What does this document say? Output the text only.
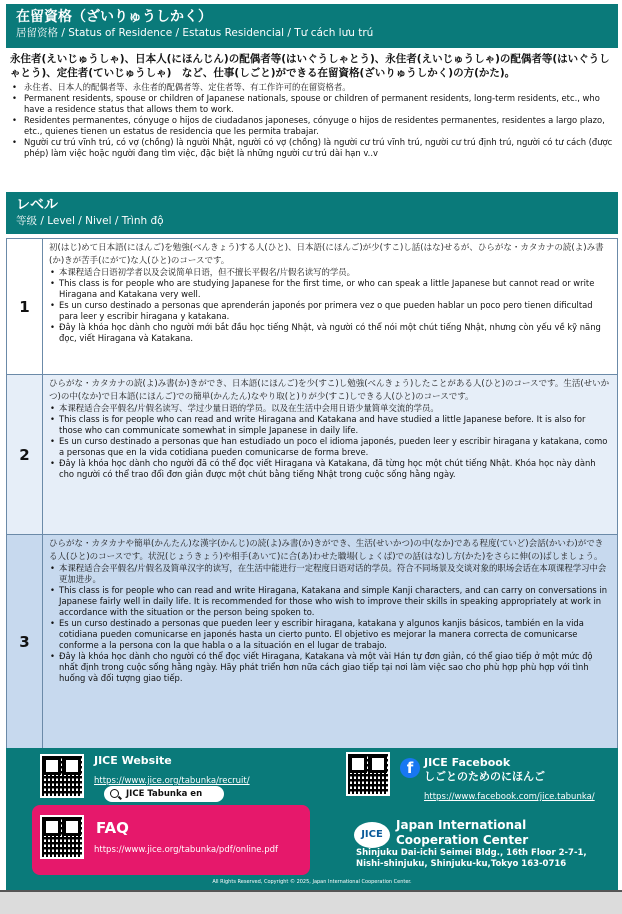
在留資格（ざいりゅうしかく）
居留资格 / Status of Residence / Estatus Residencial / Tư cách lưu trú
永住者(えいじゅうしゃ)、日本人(にほんじん)の配偶者等(はいぐうしゃとう)、永住者(えいじゅうしゃ)の配偶者等(はいぐうしゃとう)、定住者(ていじゅうしゃ)　など、仕事(しごと)ができる在留資格(ざいりゅうしかく)の方(かた)。
• 永住者、日本人的配偶者等、永住者的配偶者等、定住者等、有工作许可的在留资格者。
• Permanent residents, spouse or children of Japanese nationals, spouse or children of permanent residents, long-term residents, etc., who have a residence status that allows them to work.
• Residentes permanentes, cónyuge o hijos de ciudadanos japoneses, cónyuge o hijos de residentes permanentes, residentes a largo plazo, etc., quienes tienen un estatus de residencia que les permita trabajar.
• Người cư trú vĩnh trú, có vợ (chồng) là người Nhật, người có vợ (chồng) là người cư trú vĩnh trú, người cư trú định trú, người có tư cách (được phép) làm việc hoặc người đang tìm việc, đặc biệt là những người cư trú dài hạn v..v
レベル
等级 / Level / Nivel / Trình độ
1
初(はじ)めて日本語(にほんご)を勉強(べんきょう)する人(ひと)、日本語(にほんご)が少(すこ)し話(はな)せるが、ひらがな・カタカナの読(よ)み書(か)きが苦手(にがて)な人(ひと)のコースです。
• 本课程适合日语初学者以及会说简单日语，但不擅长平假名/片假名读写的学员。
• This class is for people who are studying Japanese for the first time, or who can speak a little Japanese but cannot read or write Hiragana and Katakana very well.
• Es un curso destinado a personas que aprenderán japonés por primera vez o que pueden hablar un poco pero tienen dificultad para leer y escribir hiragana y katakana.
• Đây là khóa học dành cho người mới bắt đầu học tiếng Nhật, và người có thể nói một chút tiếng Nhật, nhưng còn yếu về kỹ năng đọc, viết Hiragana và Katakana.
2
ひらがな・カタカナの読(よ)み書(か)きができ、日本語(にほんご)を少(すこ)し勉強(べんきょう)したことがある人(ひと)のコースです。生活(せいかつ)の中(なか)で日本語(にほんご)での簡単(かんたん)なやり取(と)りが少(すこ)しできる人(ひと)のコースです。
• 本课程适合会平假名/片假名读写、学过少量日语的学员。以及在生活中会用日语少量简单交流的学员。
• This class is for people who can read and write Hiragana and Katakana and have studied a little Japanese before. It is also for those who can communicate somewhat in simple Japanese in daily life.
• Es un curso destinado a personas que han estudiado un poco el idioma japonés, pueden leer y escribir hiragana y katakana, como a personas que en la vida cotidiana pueden comunicarse de forma breve.
• Đây là khóa học dành cho người đã có thể đọc viết Hiragana và Katakana, đã từng học một chút tiếng Nhật. Khóa học này dành cho người có thể trao đổi đơn giản được một chút bằng tiếng Nhật trong cuộc sống hằng ngày.
3
ひらがな・カタカナや簡単(かんたん)な漢字(かんじ)の読(よ)み書(か)きができ、生活(せいかつ)の中(なか)である程度(ていど)会話(かいわ)ができる人(ひと)のコースです。状況(じょうきょう)や相手(あいて)に合(あ)わせた職場(しょくば)での話(はな)し方(かた)をさらに伸(の)ばしましょう。
• 本课程适合会平假名/片假名及简单汉字的读写，在生活中能进行一定程度日语对话的学员。符合不同场景及交谈对象的职场会话在本项课程学习中会更加进步。
• This class is for people who can read and write Hiragana, Katakana and simple Kanji characters, and can carry on conversations in Japanese fairly well in daily life. It is recommended for those who wish to improve their skills in speaking appropriately at work in accordance with the situation or the person being spoken to.
• Es un curso destinado a personas que pueden leer y escribir hiragana, katakana y algunos kanjis básicos, también en la vida cotidiana pueden comunicarse en japonés hasta un cierto punto. El objetivo es mejorar la manera correcta de comunicarse conforme a la persona con la que habla o a la situación en el lugar de trabajo.
• Đây là khóa học dành cho người có thể đọc viết Hiragana, Katakana và một vài Hán tự đơn giản, có thể giao tiếp ở một mức độ nhất định trong cuộc sống hằng ngày. Hãy phát triển hơn nữa cách giao tiếp tại nơi làm việc sao cho phù hợp phù hợp với tình huống và đối tượng giao tiếp.
JICE Website
https://www.jice.org/tabunka/recruit/
JICE Tabunka en
f JICE Facebook
しごとのためのにほんご
https://www.facebook.com/jice.tabunka/
FAQ
https://www.jice.org/tabunka/pdf/online.pdf
JICE
Japan International
Cooperation Center
Shinjuku Dai-ichi Seimei Bldg., 16th Floor 2-7-1,
Nishi-shinjuku, Shinjuku-ku,Tokyo 163-0716
All Rights Reserved, Copyright © 2025, Japan International Cooperation Center.
